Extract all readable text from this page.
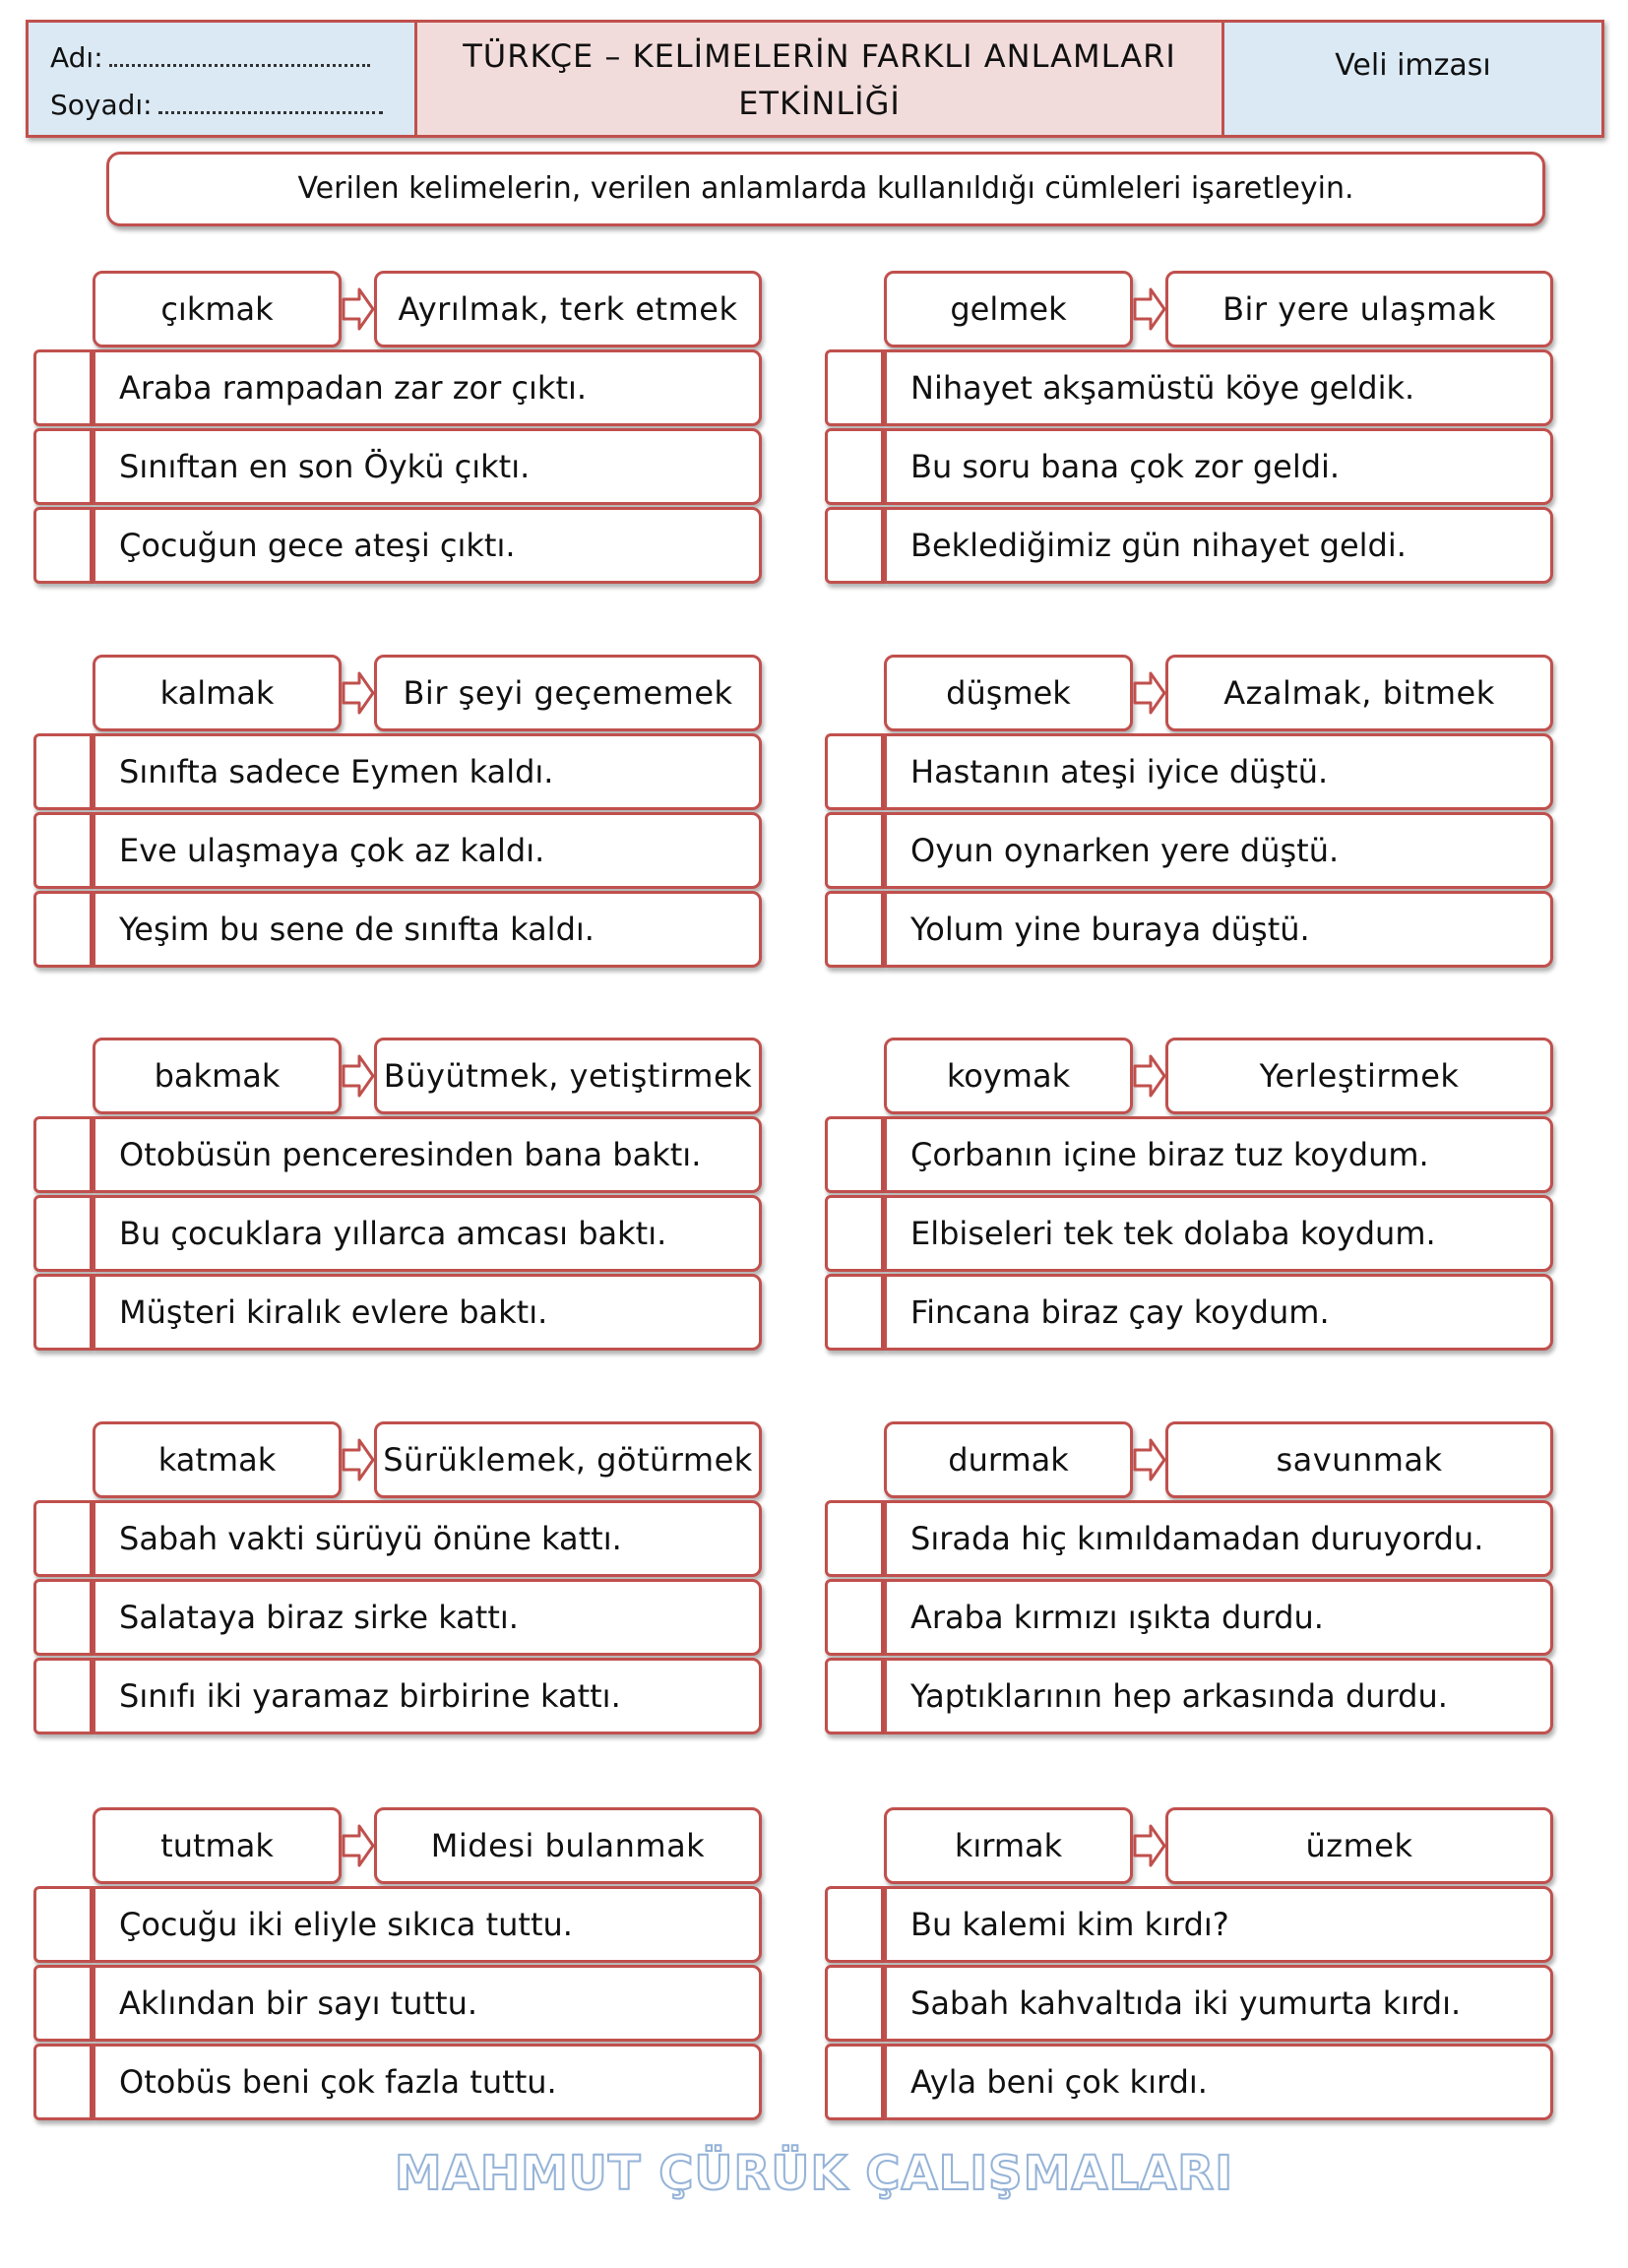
Adı:
Soyadı:
TÜRKÇE – KELİMELERİN FARKLI ANLAMLARI
ETKİNLİĞİ
Veli imzası
Verilen kelimelerin, verilen anlamlarda kullanıldığı cümleleri işaretleyin.
çıkmak	Ayrılmak, terk etmek
Araba rampadan zar zor çıktı.
Sınıftan en son Öykü çıktı.
Çocuğun gece ateşi çıktı.
gelmek	Bir yere ulaşmak
Nihayet akşamüstü köye geldik.
Bu soru bana çok zor geldi.
Beklediğimiz gün nihayet geldi.
kalmak	Bir şeyi geçememek
Sınıfta sadece Eymen kaldı.
Eve ulaşmaya çok az kaldı.
Yeşim bu sene de sınıfta kaldı.
düşmek	Azalmak, bitmek
Hastanın ateşi iyice düştü.
Oyun oynarken yere düştü.
Yolum yine buraya düştü.
bakmak	Büyütmek, yetiştirmek
Otobüsün penceresinden bana baktı.
Bu çocuklara yıllarca amcası baktı.
Müşteri kiralık evlere baktı.
koymak	Yerleştirmek
Çorbanın içine biraz tuz koydum.
Elbiseleri tek tek dolaba koydum.
Fincana biraz çay koydum.
katmak	Sürüklemek, götürmek
Sabah vakti sürüyü önüne kattı.
Salataya biraz sirke kattı.
Sınıfı iki yaramaz birbirine kattı.
durmak	savunmak
Sırada hiç kımıldamadan duruyordu.
Araba kırmızı ışıkta durdu.
Yaptıklarının hep arkasında durdu.
tutmak	Midesi bulanmak
Çocuğu iki eliyle sıkıca tuttu.
Aklından bir sayı tuttu.
Otobüs beni çok fazla tuttu.
kırmak	üzmek
Bu kalemi kim kırdı?
Sabah kahvaltıda iki yumurta kırdı.
Ayla beni çok kırdı.
MAHMUT ÇÜRÜK ÇALIŞMALARI
